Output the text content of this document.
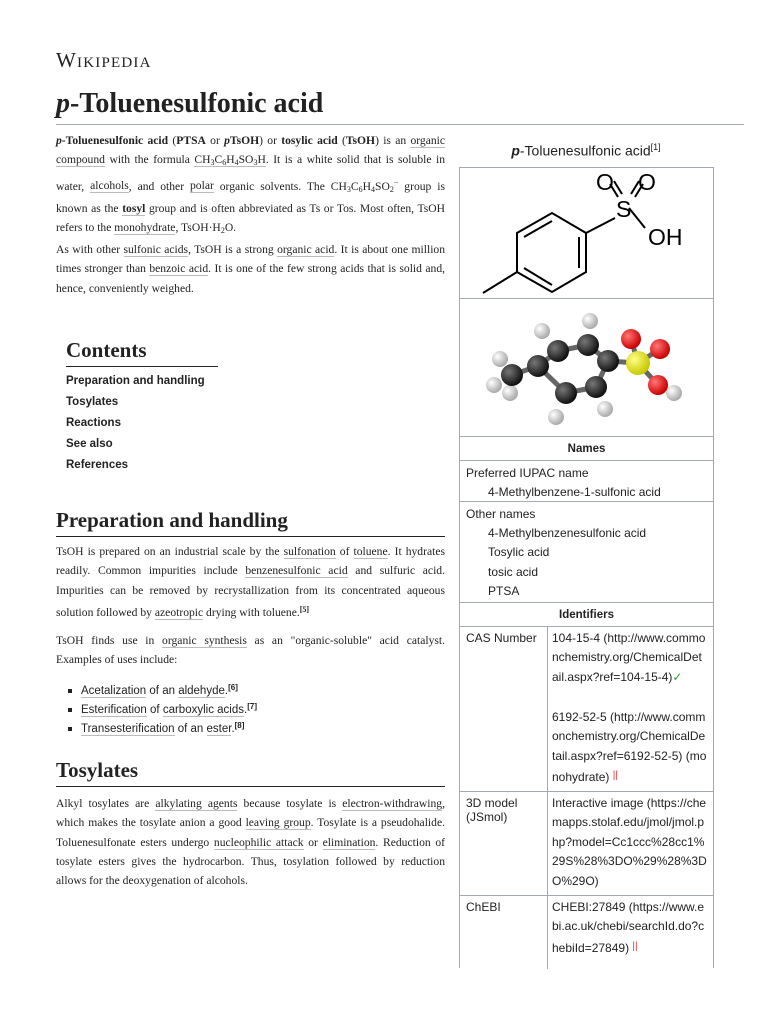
Wikipedia
p-Toluenesulfonic acid

p-Toluenesulfonic acid (PTSA or pTsOH) or tosylic acid (TsOH) is an organic compound with the formula $CH_3C_6H_4SO_3H$. It is a white solid that is soluble in water, alcohols, and other polar organic solvents. The $CH_3C_6H_4SO_2^-$ group is known as the tosyl group and is often abbreviated as Ts or Tos. Most often, TsOH refers to the monohydrate, $TsOH\cdot H_2O$.

As with other sulfonic acids, TsOH is a strong organic acid. It is about one million times stronger than benzoic acid. It is one of the few strong acids that is solid and, hence, conveniently weighed.

Contents
Preparation and handling
Tosylates
Reactions
See also
References
Preparation and handling

TsOH is prepared on an industrial scale by the sulfonation of toluene. It hydrates readily. Common impurities include benzenesulfonic acid and sulfuric acid. Impurities can be removed by recrystallization from its concentrated aqueous solution followed by azeotropic drying with toluene.[5]

TsOH finds use in organic synthesis as an "organic-soluble" acid catalyst. Examples of uses include:

Acetalization of an aldehyde.[6]
Esterification of carboxylic acids.[7]
Transesterification of an ester.[8]
Tosylates

Alkyl tosylates are alkylating agents because tosylate is electron-withdrawing, which makes the tosylate anion a good leaving group. Tosylate is a pseudohalide. Toluenesulfonate esters undergo nucleophilic attack or elimination. Reduction of tosylate esters gives the hydrocarbon. Thus, tosylation followed by reduction allows for the deoxygenation of alcohols.

p-Toluenesulfonic acid[1]
O O
S
OH
Names
Preferred IUPAC name
4-Methylbenzene-1-sulfonic acid
Other names
4-Methylbenzenesulfonic acid
Tosylic acid
tosic acid
PTSA
Identifiers
CAS Number	104-15-4 (http://www.commonchemistry.org/ChemicalDetail.aspx?ref=104-15-4)✓
6192-52-5 (http://www.commonchemistry.org/ChemicalDetail.aspx?ref=6192-52-5) (monohydrate) ||
3D model (JSmol)
Interactive image (https://chemapps.stolaf.edu/jmol/jmol.php?model=Cc1ccc%28cc1%29S%28%3DO%29%28%3DO%29O)
ChEBI	CHEBI:27849 (https://www.ebi.ac.uk/chebi/searchId.do?chebiId=27849) ||
